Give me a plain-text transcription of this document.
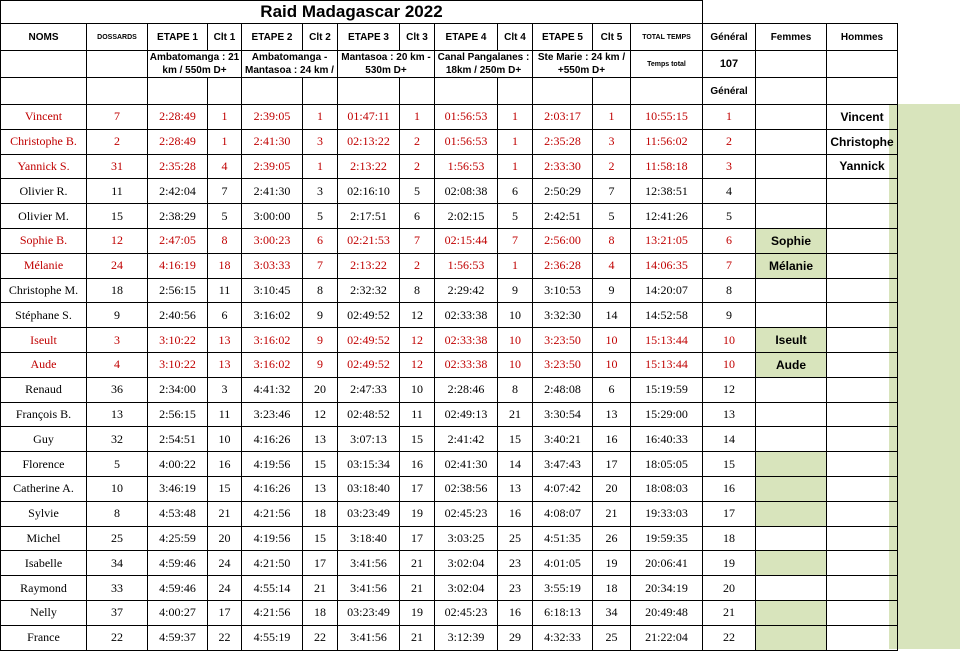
Raid Madagascar 2022															
NOMS	DOSSARDS	ETAPE 1	Clt 1	ETAPE 2	Clt 2	ETAPE 3	Clt 3	ETAPE 4	Clt 4	ETAPE 5	Clt 5	TOTAL TEMPS	Général	Femmes	Hommes
		Ambatomanga : 21 km / 550m D+		Ambatomanga - Mantasoa : 24 km /		Mantasoa : 20 km - 530m D+		Canal Pangalanes : 18km / 250m D+		Ste Marie : 24 km / +550m D+		Temps total	107		
													Général		
Vincent	7	2:28:49	1	2:39:05	1	01:47:11	1	01:56:53	1	2:03:17	1	10:55:15	1		Vincent
Christophe B.	2	2:28:49	1	2:41:30	3	02:13:22	2	01:56:53	1	2:35:28	3	11:56:02	2		Christophe
Yannick S.	31	2:35:28	4	2:39:05	1	2:13:22	2	1:56:53	1	2:33:30	2	11:58:18	3		Yannick
Olivier R.	11	2:42:04	7	2:41:30	3	02:16:10	5	02:08:38	6	2:50:29	7	12:38:51	4		
Olivier M.	15	2:38:29	5	3:00:00	5	2:17:51	6	2:02:15	5	2:42:51	5	12:41:26	5		
Sophie B.	12	2:47:05	8	3:00:23	6	02:21:53	7	02:15:44	7	2:56:00	8	13:21:05	6	Sophie	
Mélanie	24	4:16:19	18	3:03:33	7	2:13:22	2	1:56:53	1	2:36:28	4	14:06:35	7	Mélanie	
Christophe M.	18	2:56:15	11	3:10:45	8	2:32:32	8	2:29:42	9	3:10:53	9	14:20:07	8		
Stéphane S.	9	2:40:56	6	3:16:02	9	02:49:52	12	02:33:38	10	3:32:30	14	14:52:58	9		
Iseult	3	3:10:22	13	3:16:02	9	02:49:52	12	02:33:38	10	3:23:50	10	15:13:44	10	Iseult	
Aude	4	3:10:22	13	3:16:02	9	02:49:52	12	02:33:38	10	3:23:50	10	15:13:44	10	Aude	
Renaud	36	2:34:00	3	4:41:32	20	2:47:33	10	2:28:46	8	2:48:08	6	15:19:59	12		
François B.	13	2:56:15	11	3:23:46	12	02:48:52	11	02:49:13	21	3:30:54	13	15:29:00	13		
Guy	32	2:54:51	10	4:16:26	13	3:07:13	15	2:41:42	15	3:40:21	16	16:40:33	14		
Florence	5	4:00:22	16	4:19:56	15	03:15:34	16	02:41:30	14	3:47:43	17	18:05:05	15		
Catherine A.	10	3:46:19	15	4:16:26	13	03:18:40	17	02:38:56	13	4:07:42	20	18:08:03	16		
Sylvie	8	4:53:48	21	4:21:56	18	03:23:49	19	02:45:23	16	4:08:07	21	19:33:03	17		
Michel	25	4:25:59	20	4:19:56	15	3:18:40	17	3:03:25	25	4:51:35	26	19:59:35	18		
Isabelle	34	4:59:46	24	4:21:50	17	3:41:56	21	3:02:04	23	4:01:05	19	20:06:41	19		
Raymond	33	4:59:46	24	4:55:14	21	3:41:56	21	3:02:04	23	3:55:19	18	20:34:19	20		
Nelly	37	4:00:27	17	4:21:56	18	03:23:49	19	02:45:23	16	6:18:13	34	20:49:48	21		
France	22	4:59:37	22	4:55:19	22	3:41:56	21	3:12:39	29	4:32:33	25	21:22:04	22		
